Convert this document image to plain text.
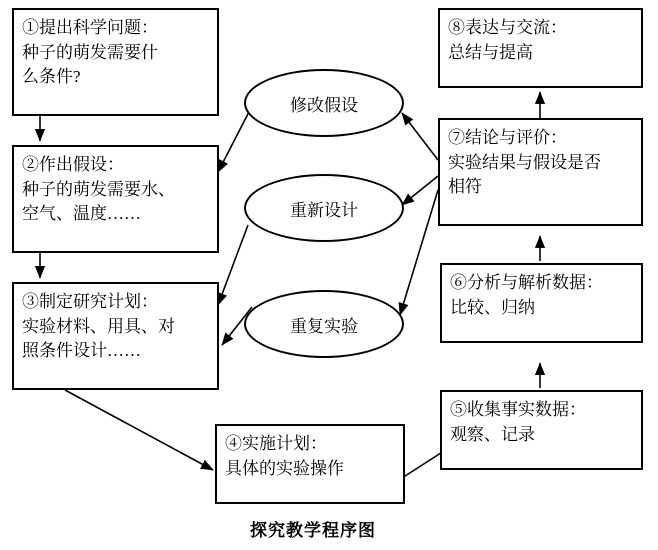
①提出科学问题：
种子的萌发需要什
么条件?
②作出假设：
种子的萌发需要水、
空气、温度……
③制定研究计划：
实验材料、用具、对
照条件设计……
④实施计划：
具体的实验操作
⑤收集事实数据：
观察、记录
⑥分析与解析数据：
比较、归纳
⑦结论与评价：
实验结果与假设是否
相符
⑧表达与交流：
总结与提高
修改假设
重新设计
重复实验
探究教学程序图
